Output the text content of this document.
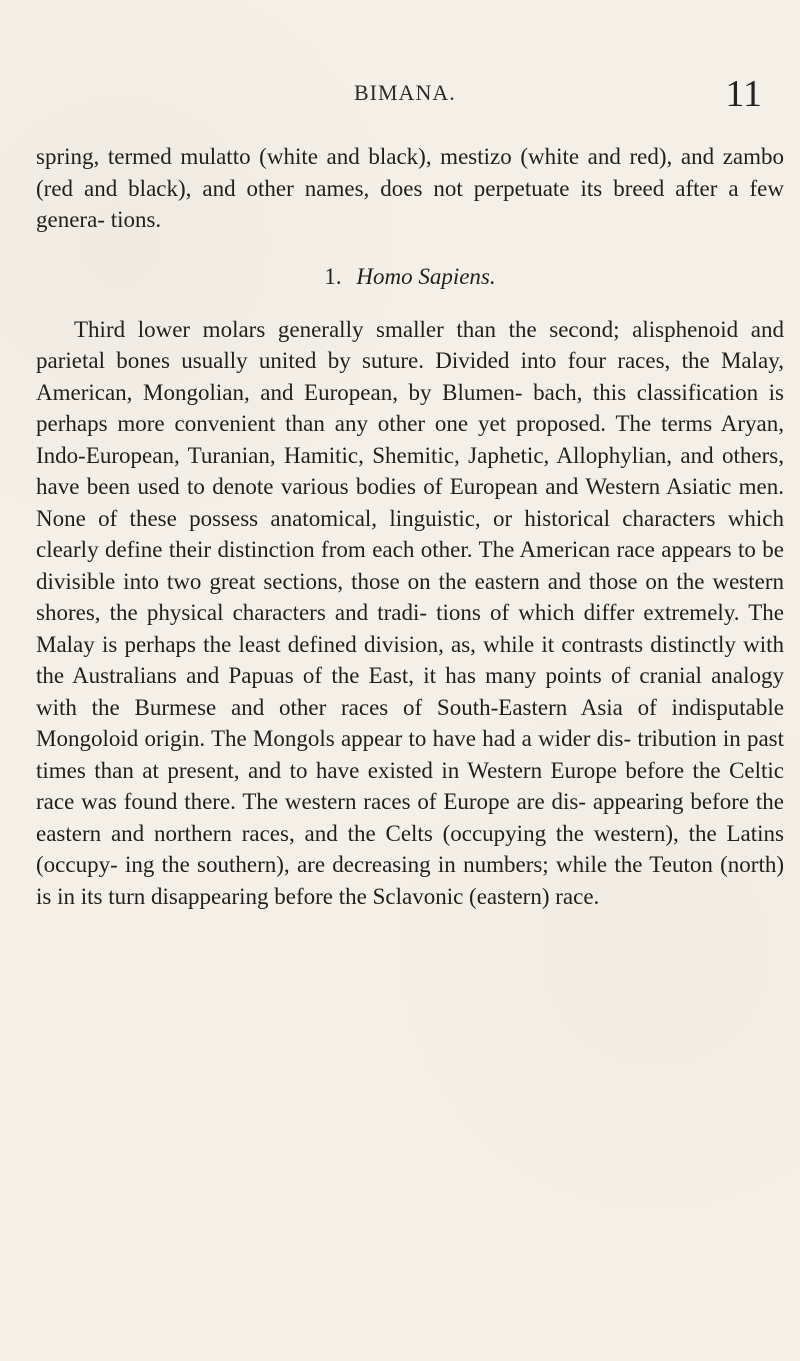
BIMANA.	11

spring, termed mulatto (white and black), mestizo (white and red), and zambo (red and black), and other names, does not perpetuate its breed after a few genera- tions.

1. Homo Sapiens.

Third lower molars generally smaller than the second; alisphenoid and parietal bones usually united by suture. Divided into four races, the Malay, American, Mongolian, and European, by Blumen- bach, this classification is perhaps more convenient than any other one yet proposed. The terms Aryan, Indo-European, Turanian, Hamitic, Shemitic, Japhetic, Allophylian, and others, have been used to denote various bodies of European and Western Asiatic men. None of these possess anatomical, linguistic, or historical characters which clearly define their distinction from each other. The American race appears to be divisible into two great sections, those on the eastern and those on the western shores, the physical characters and tradi- tions of which differ extremely. The Malay is perhaps the least defined division, as, while it contrasts distinctly with the Australians and Papuas of the East, it has many points of cranial analogy with the Burmese and other races of South-Eastern Asia of indisputable Mongoloid origin. The Mongols appear to have had a wider dis- tribution in past times than at present, and to have existed in Western Europe before the Celtic race was found there. The western races of Europe are dis- appearing before the eastern and northern races, and the Celts (occupying the western), the Latins (occupy- ing the southern), are decreasing in numbers; while the Teuton (north) is in its turn disappearing before the Sclavonic (eastern) race.
